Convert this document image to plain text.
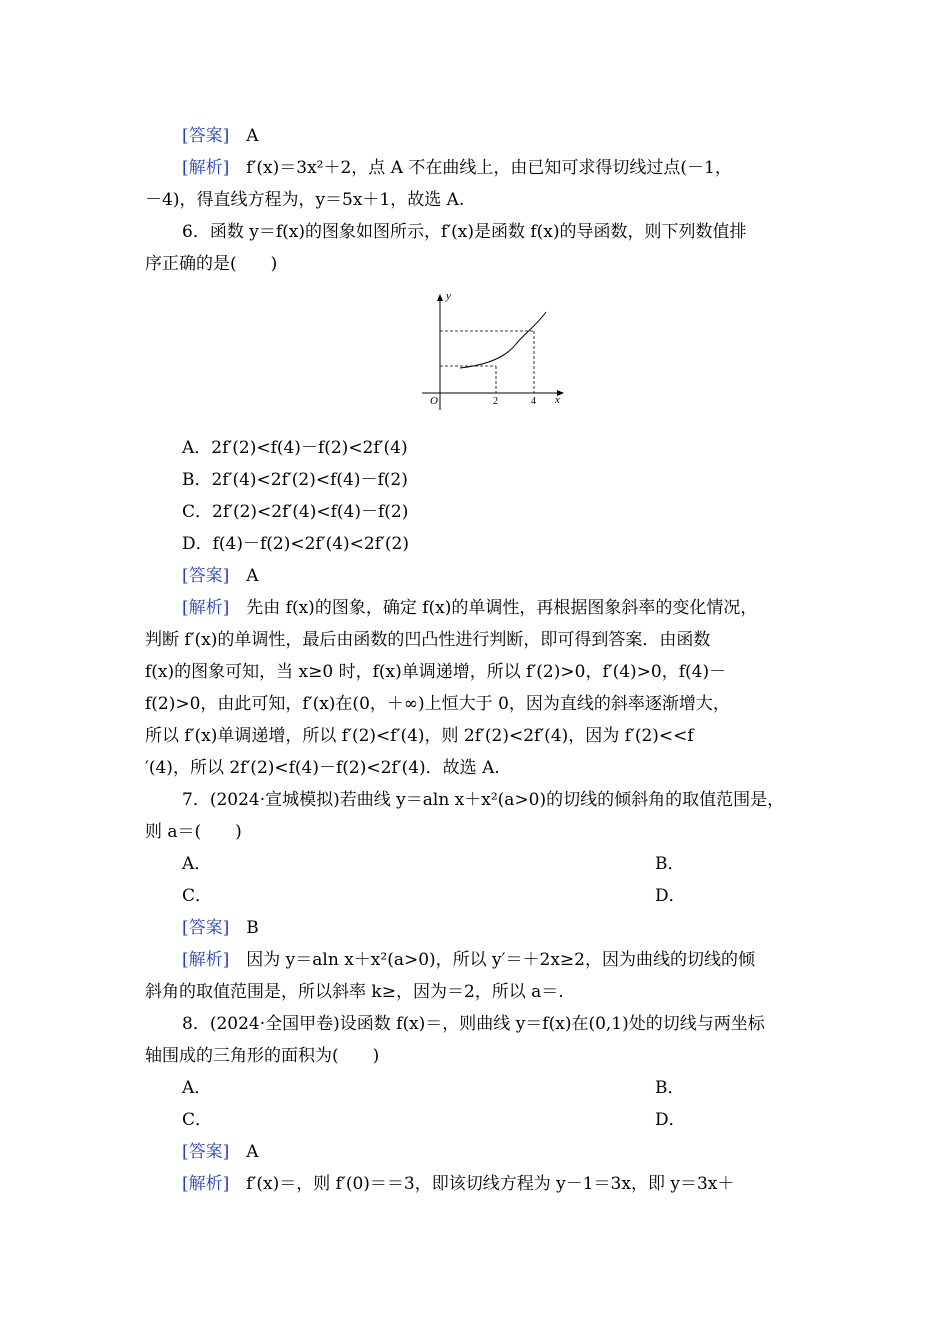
[答案]　 A
[解析]　 f′(x)＝3x²＋2，点 A 不在曲线上，由已知可求得切线过点(－1，
－4)，得直线方程为，y＝5x＋1，故选 A.
6．函数 y＝f(x)的图象如图所示，f′(x)是函数 f(x)的导函数，则下列数值排
序正确的是(　　)
y
x
O	2	4
A．2f′(2)<f(4)－f(2)<2f′(4)
B．2f′(4)<2f′(2)<f(4)－f(2)
C．2f′(2)<2f′(4)<f(4)－f(2)
D．f(4)－f(2)<2f′(4)<2f′(2)
[答案]　 A
[解析]　 先由 f(x)的图象，确定 f(x)的单调性，再根据图象斜率的变化情况，
判断 f′(x)的单调性，最后由函数的凹凸性进行判断，即可得到答案．由函数
f(x)的图象可知，当 x≥0 时，f(x)单调递增，所以 f′(2)>0，f′(4)>0，f(4)－
f(2)>0，由此可知，f′(x)在(0，＋∞)上恒大于 0，因为直线的斜率逐渐增大，
所以 f′(x)单调递增，所以 f′(2)<f′(4)，则 2f′(2)<2f′(4)，因为 f′(2)<<f
′(4)，所以 2f′(2)<f(4)－f(2)<2f′(4)．故选 A.
7．(2024·宣城模拟)若曲线 y＝aln x＋x²(a>0)的切线的倾斜角的取值范围是，
则 a＝(　　)
A．	B．
C．	D．
[答案]　 B
[解析]　 因为 y＝aln x＋x²(a>0)，所以 y′＝＋2x≥2，因为曲线的切线的倾
斜角的取值范围是，所以斜率 k≥，因为＝2，所以 a＝.
8．(2024·全国甲卷)设函数 f(x)＝，则曲线 y＝f(x)在(0,1)处的切线与两坐标
轴围成的三角形的面积为(　　)
A．	B．
C．	D．
[答案]　 A
[解析]　 f′(x)＝，则 f′(0)＝＝3，即该切线方程为 y－1＝3x，即 y＝3x＋
